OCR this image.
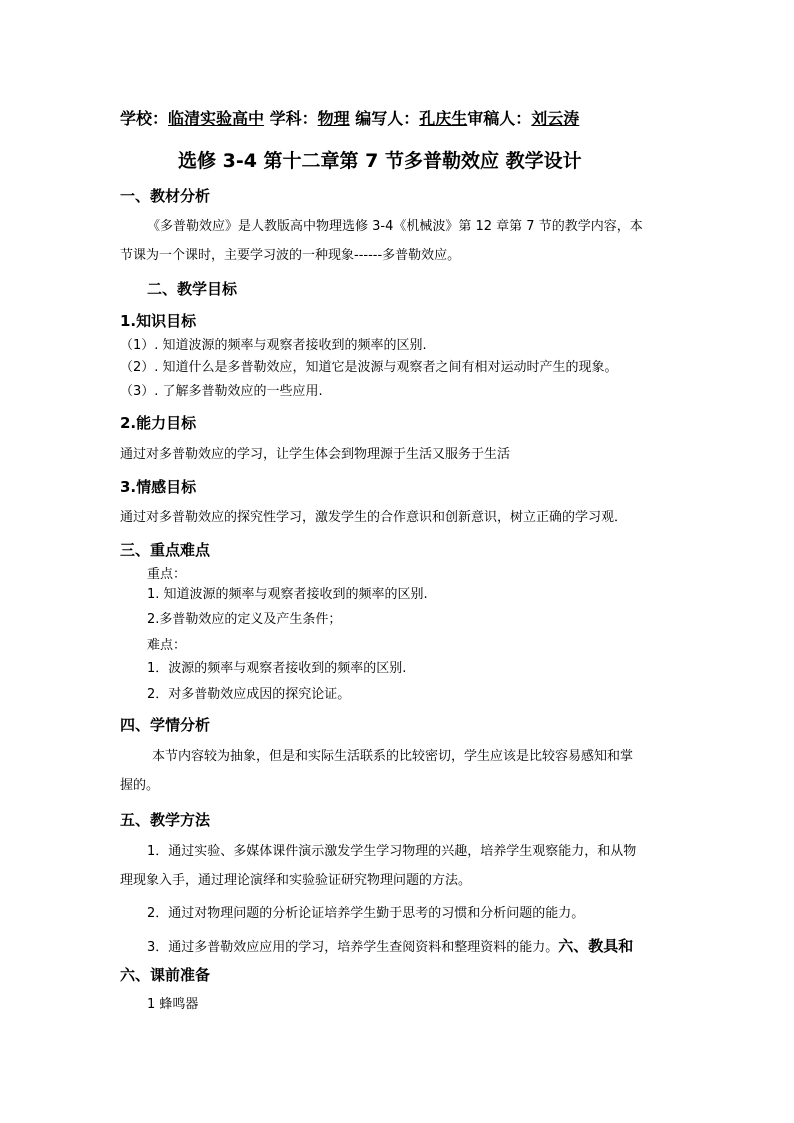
学校：临清实验高中 学科：物理 编写人：孔庆生审稿人：刘云涛
选修 3-4 第十二章第 7 节多普勒效应 教学设计
一、教材分析
《多普勒效应》是人教版高中物理选修 3-4《机械波》第 12 章第 7 节的教学内容，本
节课为一个课时，主要学习波的一种现象------多普勒效应。
二、教学目标
1.知识目标
（1）. 知道波源的频率与观察者接收到的频率的区别.
（2）. 知道什么是多普勒效应，知道它是波源与观察者之间有相对运动时产生的现象。
（3）. 了解多普勒效应的一些应用.
2.能力目标
通过对多普勒效应的学习，让学生体会到物理源于生活又服务于生活
3.情感目标
通过对多普勒效应的探究性学习，激发学生的合作意识和创新意识，树立正确的学习观．
三、重点难点
重点：
1. 知道波源的频率与观察者接收到的频率的区别.
2.多普勒效应的定义及产生条件；
难点：
1．波源的频率与观察者接收到的频率的区别.
2．对多普勒效应成因的探究论证。
四、学情分析
本节内容较为抽象，但是和实际生活联系的比较密切，学生应该是比较容易感知和掌
握的。
五、教学方法
1．通过实验、多媒体课件演示激发学生学习物理的兴趣，培养学生观察能力，和从物
理现象入手，通过理论演绎和实验验证研究物理问题的方法。
2．通过对物理问题的分析论证培养学生勤于思考的习惯和分析问题的能力。
3．通过多普勒效应应用的学习，培养学生查阅资料和整理资料的能力。六、教具和
六、课前准备
1 蜂鸣器
